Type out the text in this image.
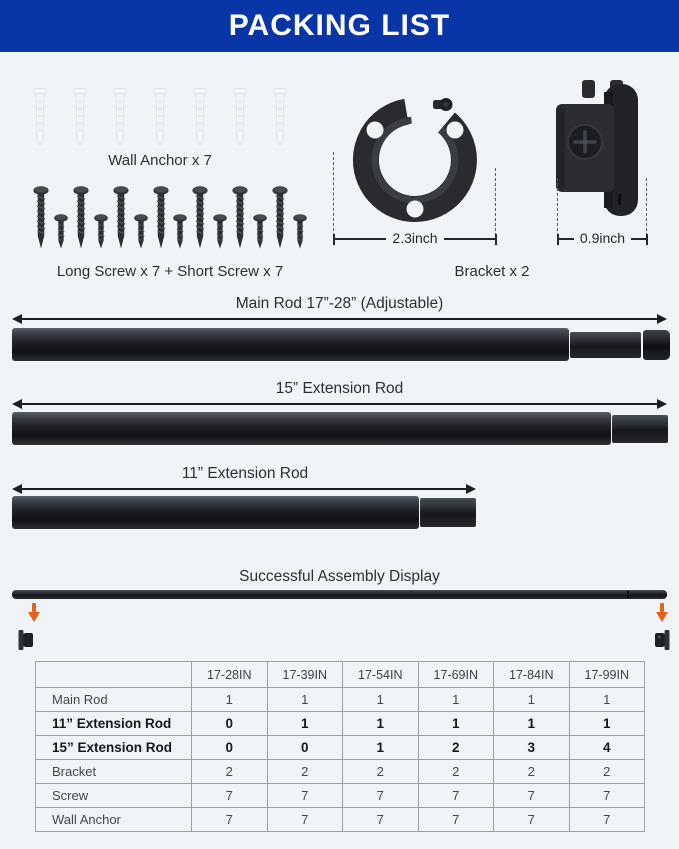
PACKING LIST
Wall Anchor x 7
Long Screw x 7 + Short Screw x 7
2.3inch	0.9inch
Bracket x 2
Main Rod 17”-28” (Adjustable)
15” Extension Rod
11” Extension Rod
Successful Assembly Display
	17-28IN	17-39IN	17-54IN	17-69IN	17-84IN	17-99IN
Main Rod	1	1	1	1	1	1
11” Extension Rod	0	1	1	1	1	1
15” Extension Rod	0	0	1	2	3	4
Bracket	2	2	2	2	2	2
Screw	7	7	7	7	7	7
Wall Anchor	7	7	7	7	7	7
